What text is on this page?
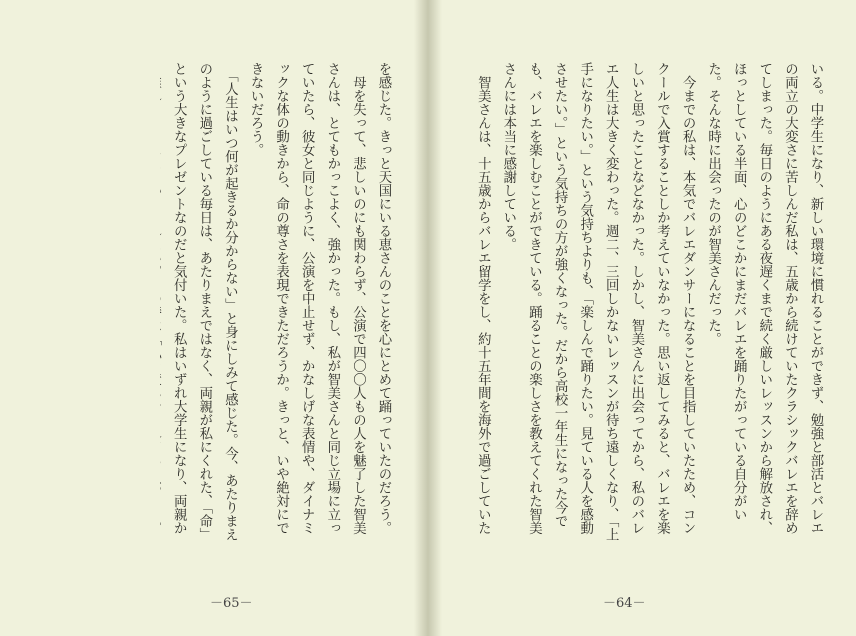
を感じた。きっと天国にいる恵さんのことを心にとめて踊っていたのだろう。

　母を失って、悲しいのにも関わらず、公演で四〇〇人もの人を魅了した智美さんは、とてもかっこよく、強かった。もし、私が智美さんと同じ立場に立っていたら、彼女と同じように、公演を中止せず、かなしげな表情や、ダイナミックな体の動きから、命の尊さを表現できただろうか。きっと、いや絶対にできないだろう。

　「人生はいつ何が起きるか分からない」と身にしみて感じた。今、あたりまえのように過ごしている毎日は、あたりまえではなく、両親が私にくれた、「命」という大きなプレゼントなのだと気付いた。私はいずれ大学生になり、両親か

－65－

いる。中学生になり、新しい環境に慣れることができず、勉強と部活とバレエの両立の大変さに苦しんだ私は、五歳から続けていたクラシックバレエを辞めてしまった。毎日のようにある夜遅くまで続く厳しいレッスンから解放され、ほっとしている半面、心のどこかにまだバレエを踊りたがっている自分がいた。そんな時に出会ったのが智美さんだった。

　今までの私は、本気でバレエダンサーになることを目指していたため、コンクールで入賞することしか考えていなかった。思い返してみると、バレエを楽しいと思ったことなどなかった。しかし、智美さんに出会ってから、私のバレエ人生は大きく変わった。週二、三回しかないレッスンが待ち遠しくなり、「上手になりたい。」という気持ちよりも、「楽しんで踊りたい。見ている人を感動させたい。」という気持ちの方が強くなった。だから高校一年生になった今でも、バレエを楽しむことができている。踊ることの楽しさを教えてくれた智美さんには本当に感謝している。

　智美さんは、十五歳からバレエ留学をし、約十五年間を海外で過ごしていた

－64－
